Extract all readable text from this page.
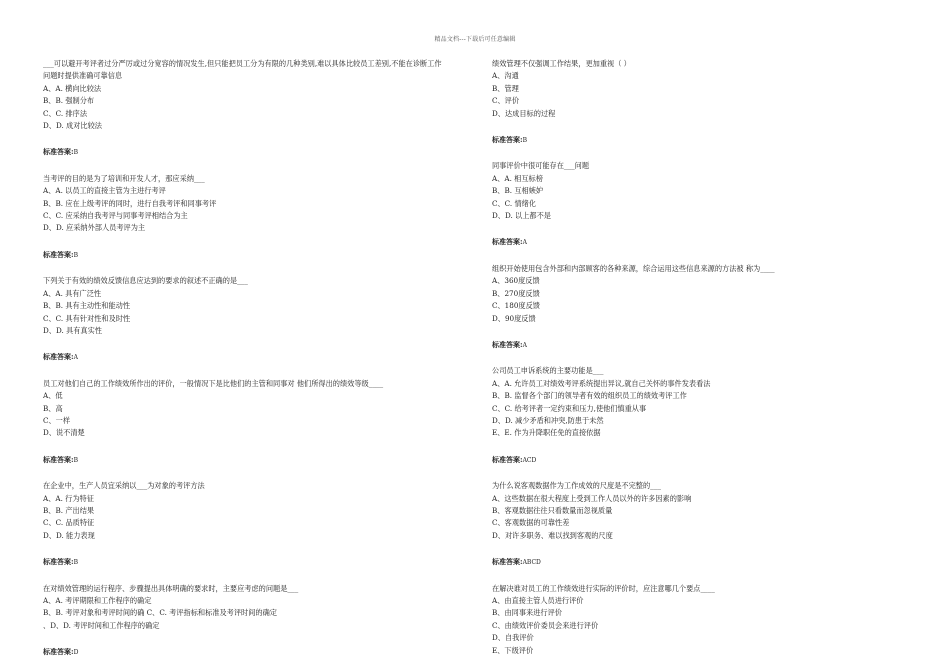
精品文档---下载后可任意编辑
___可以避开考评者过分严厉或过分宽容的情况发生,但只能把员工分为有限的几种类别,难以具体比较员工差别,不能在诊断工作问题时提供准确可靠信息
A、A. 横向比较法
B、B. 强制分布
C、C. 排序法
D、D. 成对比较法
标准答案:B
当考评的目的是为了培训和开发人才，那应采纳___
A、A. 以员工的直接主管为主进行考评
B、B. 应在上级考评的同时，进行自我考评和同事考评
C、C. 应采纳自我考评与同事考评相结合为主
D、D. 应采纳外部人员考评为主
标准答案:B
下列关于有效的绩效反馈信息应达到的要求的叙述不正确的是___
A、A. 具有广泛性
B、B. 具有主动性和能动性
C、C. 具有针对性和及时性
D、D. 具有真实性
标准答案:A
员工对他们自己的工作绩效所作出的评价，一般情况下是比他们的主管和同事对 他们所得出的绩效等级____
A、低
B、高
C、一样
D、说不清楚
标准答案:B
在企业中，生产人员宜采纳以___为对象的考评方法
A、A. 行为特征
B、B. 产出结果
C、C. 品质特征
D、D. 能力表现
标准答案:B
在对绩效管理的运行程序、步骤提出具体明确的要求时，主要应考虑的问题是___
A、A. 考评期限和工作程序的确定
B、B. 考评对象和考评时间的确 C、C. 考评指标和标准及考评时间的确定
、D、D. 考评时间和工作程序的确定
标准答案:D
绩效管理不仅强调工作结果，更加重视（ ）
A、沟通
B、管理
C、评价
D、达成目标的过程
标准答案:B
同事评价中很可能存在___问题
A、A. 相互标榜
B、B. 互相嫉妒
C、C. 情绪化
D、D. 以上都不是
标准答案:A
组织开始使用包含外部和内部顾客的各种来源，综合运用这些信息来源的方法被 称为____
A、360度反馈
B、270度反馈
C、180度反馈
D、90度反馈
标准答案:A
公司员工申诉系统的主要功能是___
A、A. 允许员工对绩效考评系统提出异议,就自己关怀的事件发表看法
B、B. 监督各个部门的领导者有效的组织员工的绩效考评工作
C、C. 给考评者一定约束和压力,使他们慎重从事
D、D. 减少矛盾和冲突,防患于未然
E、E. 作为升降职任免的直接依据
标准答案:ACD
为什么说客观数据作为工作成效的尺度是不完整的___
A、这些数据在很大程度上受到工作人员以外的许多因素的影响
B、客观数据往往只看数量而忽视质量
C、客观数据的可靠性差
D、对许多职务、难以找到客观的尺度
标准答案:ABCD
在解决谁对员工的工作绩效进行实际的评价时，应注意哪几个要点____
A、由直接主管人员进行评价
B、由同事来进行评价
C、由绩效评价委员会来进行评价
D、自我评价
E、下级评价
